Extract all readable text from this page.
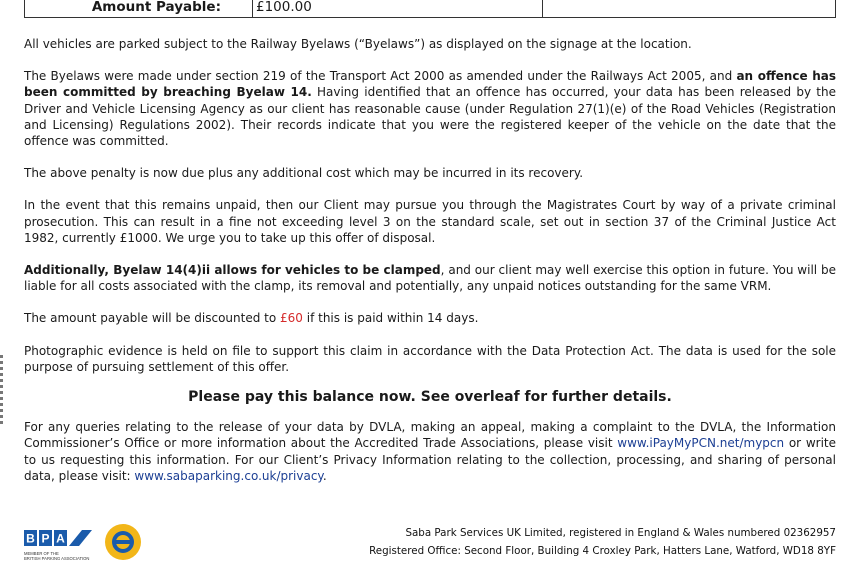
Amount Payable:	£100.00

All vehicles are parked subject to the Railway Byelaws (“Byelaws”) as displayed on the signage at the location.

The Byelaws were made under section 219 of the Transport Act 2000 as amended under the Railways Act 2005, and an offence has been committed by breaching Byelaw 14. Having identified that an offence has occurred, your data has been released by the Driver and Vehicle Licensing Agency as our client has reasonable cause (under Regulation 27(1)(e) of the Road Vehicles (Registration and Licensing) Regulations 2002). Their records indicate that you were the registered keeper of the vehicle on the date that the offence was committed.

The above penalty is now due plus any additional cost which may be incurred in its recovery.

In the event that this remains unpaid, then our Client may pursue you through the Magistrates Court by way of a private criminal prosecution. This can result in a fine not exceeding level 3 on the standard scale, set out in section 37 of the Criminal Justice Act 1982, currently £1000. We urge you to take up this offer of disposal.

Additionally, Byelaw 14(4)ii allows for vehicles to be clamped, and our client may well exercise this option in future. You will be liable for all costs associated with the clamp, its removal and potentially, any unpaid notices outstanding for the same VRM.

The amount payable will be discounted to £60 if this is paid within 14 days.

Photographic evidence is held on file to support this claim in accordance with the Data Protection Act. The data is used for the sole purpose of pursuing settlement of this offer.

Please pay this balance now. See overleaf for further details.

For any queries relating to the release of your data by DVLA, making an appeal, making a complaint to the DVLA, the Information Commissioner’s Office or more information about the Accredited Trade Associations, please visit www.iPayMyPCN.net/mypcn or write to us requesting this information. For our Client’s Privacy Information relating to the collection, processing, and sharing of personal data, please visit: www.sabaparking.co.uk/privacy.

B P A
MEMBER OF THE
BRITISH PARKING ASSOCIATION
Saba Park Services UK Limited, registered in England & Wales numbered 02362957
Registered Office: Second Floor, Building 4 Croxley Park, Hatters Lane, Watford, WD18 8YF
